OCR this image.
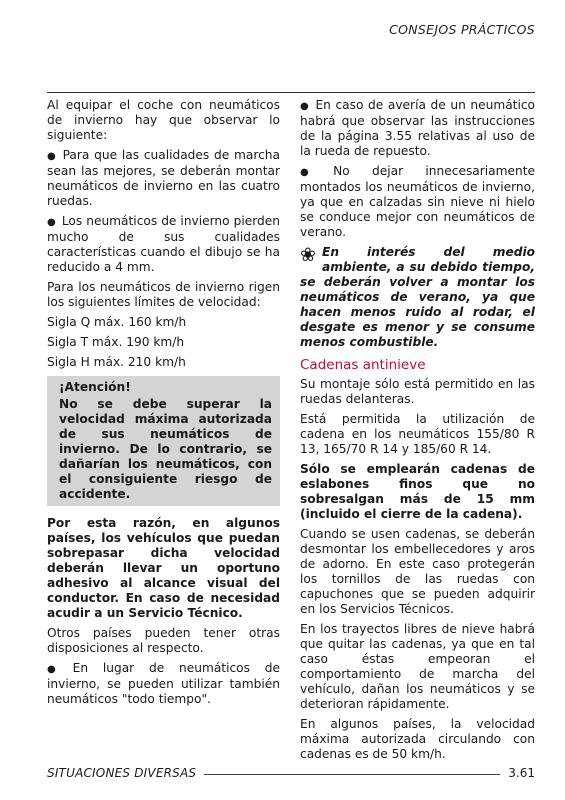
CONSEJOS PRÁCTICOS

Al equipar el coche con neumáticos de invierno hay que observar lo siguiente:

● Para que las cualidades de marcha sean las mejores, se deberán montar neumáticos de invierno en las cuatro ruedas.

● Los neumáticos de invierno pierden mucho de sus cualidades características cuando el dibujo se ha reducido a 4 mm.

Para los neumáticos de invierno rigen los siguientes límites de velocidad:

Sigla Q máx. 160 km/h

Sigla T máx. 190 km/h

Sigla H máx. 210 km/h

¡Atención!

No se debe superar la velocidad máxima autorizada de sus neumáticos de invierno. De lo contrario, se dañarían los neumáticos, con el consiguiente riesgo de accidente.

Por esta razón, en algunos países, los vehículos que puedan sobrepasar dicha velocidad deberán llevar un oportuno adhesivo al alcance visual del conductor. En caso de necesidad acudir a un Servicio Técnico.

Otros países pueden tener otras disposiciones al respecto.

● En lugar de neumáticos de invierno, se pueden utilizar también neumáticos "todo tiempo".

● En caso de avería de un neumático habrá que observar las instrucciones de la página 3.55 relativas al uso de la rueda de repuesto.

● No dejar innecesariamente montados los neumáticos de invierno, ya que en calzadas sin nieve ni hielo se conduce mejor con neumáticos de verano.

❀ En interés del medio ambiente, a su debido tiempo, se deberán volver a montar los neumáticos de verano, ya que hacen menos ruido al rodar, el desgate es menor y se consume menos combustible.
Cadenas antinieve

Su montaje sólo está permitido en las ruedas delanteras.

Está permitida la utilización de cadena en los neumáticos 155/80 R 13, 165/70 R 14 y 185/60 R 14.

Sólo se emplearán cadenas de eslabones finos que no sobresalgan más de 15 mm (incluido el cierre de la cadena).

Cuando se usen cadenas, se deberán desmontar los embellecedores y aros de adorno. En este caso protegerán los tornillos de las ruedas con capuchones que se pueden adquirir en los Servicios Técnicos.

En los trayectos libres de nieve habrá que quitar las cadenas, ya que en tal caso éstas empeoran el comportamiento de marcha del vehículo, dañan los neumáticos y se deterioran rápidamente.

En algunos países, la velocidad máxima autorizada circulando con cadenas es de 50 km/h.

SITUACIONES DIVERSAS	3.61
